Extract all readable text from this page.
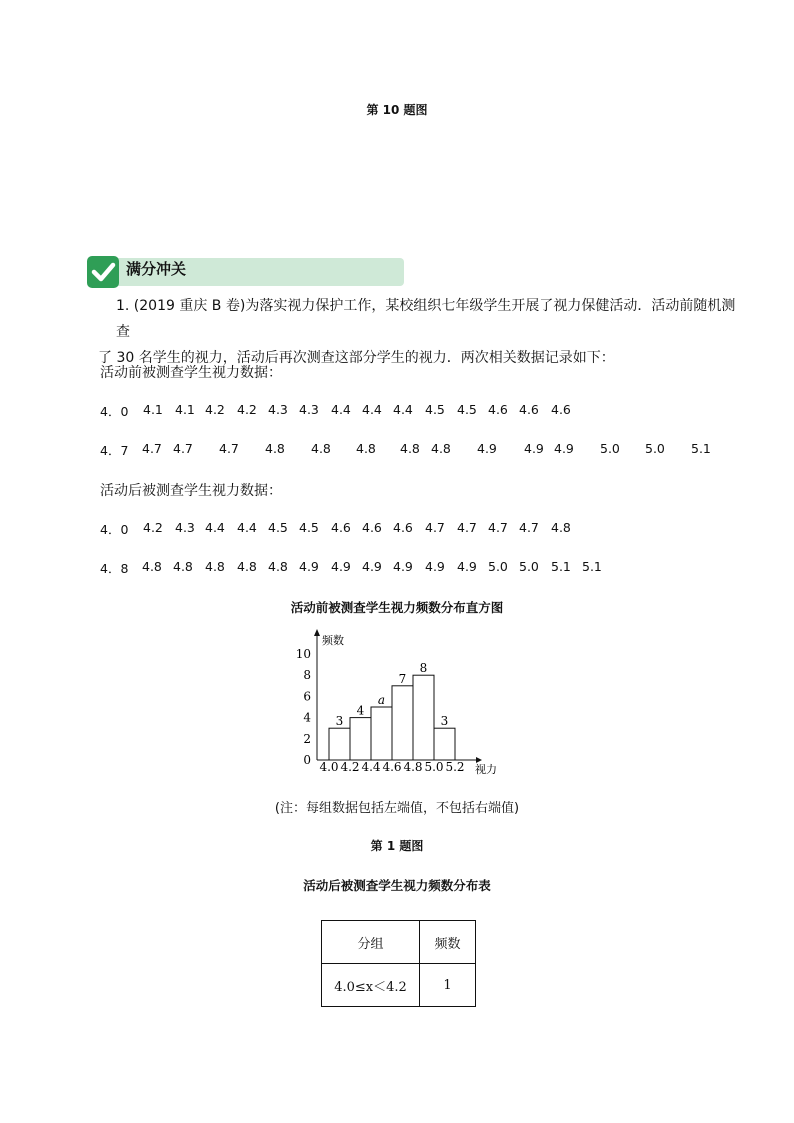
第 10 题图
满分冲关
1. (2019 重庆 B 卷)为落实视力保护工作，某校组织七年级学生开展了视力保健活动．活动前随机测查
了 30 名学生的视力，活动后再次测查这部分学生的视力．两次相关数据记录如下：
活动前被测查学生视力数据：
4．0 4.1 4.1 4.2 4.2 4.3 4.3 4.4 4.4 4.4 4.5 4.5 4.6 4.6 4.6
4．7 4.7 4.7 4.7 4.8 4.8 4.8 4.8 4.8 4.9 4.9 4.9 5.0 5.0 5.1
活动后被测查学生视力数据：
4．0 4.2 4.3 4.4 4.4 4.5 4.5 4.6 4.6 4.6 4.7 4.7 4.7 4.7 4.8
4．8 4.8 4.8 4.8 4.8 4.8 4.9 4.9 4.9 4.9 4.9 4.9 5.0 5.0 5.1 5.1
活动前被测查学生视力频数分布直方图
频数
视力
0
2
4
6
8
10
4.0 4.2 4.4 4.6 4.8 5.0 5.2
3
4
a
7
8
3
(注：每组数据包括左端值，不包括右端值)
第 1 题图
活动后被测查学生视力频数分布表
分组	频数
4.0≤x＜4.2	1
